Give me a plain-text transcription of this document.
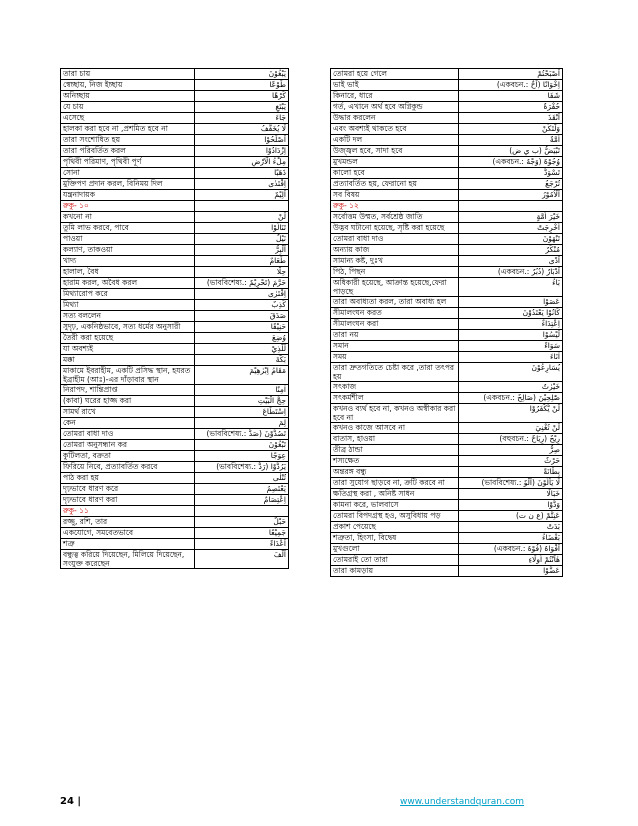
তারা চায়	يَبْغُوْنَ
স্বেচ্ছায়, নিজ ইচ্ছায়	طَوْعًا
অনিচ্ছায়	كَرْهًا
যে চায়	يَبْتَغِ
এসেছে	جَاءَ
হালকা করা হবে না ,প্রশমিত হবে না	لَا يُخَفَّفُ
তারা সংশোধিত হয়	اَصْلَحُوْا
তারা পরিবর্তিত করল	اِزْدَادُوْا
পৃথিবী পরিমাণ, পৃথিবী পূর্ণ	مِلْءُ الْاَرْضِ
সোনা	ذَهَبًا
মুক্তিপণ প্রদান করল, বিনিময় দিল	اِفْتَدٰى
যন্ত্রনাদায়ক	اَلِيْمٌ
রুকু- ১০	
কখনো না	لَنْ
তুমি লাভ করবে, পাবে	تَنَالُوْا
পাওয়া	نَيْلٌ
কল্যাণ, তাকওয়া	اَلْبِرُّ
খাদ্য	طَعَامٌ
হালাল, বৈধ	حِلًّا
হারাম করল, অবৈধ করল	حَرَّمَ (تَحْرِيْمٌ :.ভাববিশেষ্য)
মিথ্যারোপ করে	اِفْتَرٰى
মিথ্যা	كَذِبٌ
সত্য বললেন	صَدَقَ
সুদৃঢ়, একনিষ্ঠভাবে, সত্য ধর্মের অনুসারী	حَنِيْفًا
তৈরী করা হয়েছে	وُضِعَ
যা অবশ্যই	لَلَّذِيْ
মক্কা	بَكَّةَ
মাকামে ইবরাহীম, একটি প্রসিদ্ধ স্থান, হযরত ইব্রাহীম (আঃ)-এর দাঁড়াবার স্থান	مَقَامُ اِبْرٰهِيْمَ
নিরাপদ, শান্তিপ্রাপ্ত	اٰمِنًا
(কাবা) ঘরের হাজ্জ করা	حِجُّ الْبَيْتِ
সামর্থ রাখে	اِسْتَطَاعَ
কেন	لِمَ
তোমরা বাধা দাও	تَصُدُّوْنَ (صَدٌّ :.ভাববিশেষ্য)
তোমরা অনুসন্ধান কর	تَبْغُوْنَ
কুটিলতা, বক্রতা	عِوَجًا
ফিরিয়ে নিবে, প্রত্যাবর্তিত করবে	يَرُدُّوْا (رَدٌّ :.ভাববিশেষ্য)
পাঠ করা হয়	تُتْلٰى
দৃঢ়ভাবে ধারণ করে	يَعْتَصِمُ
দৃঢ়ভাবে ধারণ করা	اِعْتِصَامٌ
রুকু- ১১	
রজ্জু, রশি, তার	حَبْلٌ
একযোগে, সমবেতভাবে	جَمِيْعًا
শত্রু	اَعْدَاءً
বন্ধুত্ব করিয়ে দিয়েছেন, মিলিয়ে দিয়েছেন, সংযুক্ত করেছেন	اَلَّفَ
তোমরা হয়ে গেলে	اَصْبَحْتُمْ
ভাই ভাই	اِخْوَانًا (اَخٌ :.একবচন)
কিনারে, ধারে	شَفَا
গর্ত, এখানে অর্থ হবে অগ্নিকুন্ড	حُفْرَةٌ
উদ্ধার করলেন	اَنْقَذَ
এবং অবশ্যই থাকতে হবে	وَلْتَكُنْ
একটি দল	اُمَّةٌ
উজ্জ্বল হবে, সাদা হবে	تَبْيَضُّ (ب ي ض)
মুখমন্ডল	وُجُوْهٌ (وَجْهٌ :.একবচন)
কালো হবে	تَسْوَدُّ
প্রত্যাবর্তিত হয়, ফেরানো হয়	تُرْجَعُ
সব বিষয়	اَلْاُمُوْرُ
রুকু- ১২	
সর্বোত্তম উম্মত, সর্বশ্রেষ্ঠ জাতি	خَيْرَ اُمَّةٍ
উদ্ভব ঘটানো হয়েছে, সৃষ্টি করা হয়েছে	اُخْرِجَتْ
তোমরা বাধা দাও	تَنْهَوْنَ
অন্যায় কাজ	مُنْكَرٌ
সামান্য কষ্ট, দুঃখ	اَذًى
পিঠ, পিছন	اَدْبَارٌ (دُبُرٌ :.একবচন)
অধিকারী হয়েছে, আক্রান্ত হয়েছে,ফেরা পাড়ছে	بَاءُ
তারা অবাধ্যতা করল, তারা অবাধ্য হল	عَصَوْا
সীমালংঘন করত	كَانُوْا يَعْتَدُوْنَ
সীমালংঘন করা	اِعْتِدَاءٌ
তারা নয়	لَيْسُوْا
সমান	سَوَاءً
সময়	اٰنَاءَ
তারা দ্রুতগতিতে চেষ্টা করে ,তারা তৎপর হয়	يُسَارِعُوْنَ
সৎকাজ	خَيْرٰتٌ
সৎকর্মশীল	صّٰلِحِيْنَ (صَالِحٌ :.একবচন)
কখনও ব্যর্থ হবে না, কখনও অস্বীকার করা হবে না	لَنْ يُّكْفَرُوْا
কখনও কাজে আসবে না	لَنْ تُغْنِيَ
বাতাস, হাওয়া	رِيْحٌ (رِيَاحٌ :.বহুবচন)
তীব্র ঠান্ডা	صِرٌّ
শস্যক্ষেত	حَرْثٌ
অন্তরঙ্গ বন্ধু	بِطَانَةً
তারা সুযোগ ছাড়বে না, ক্রটি করবে না	لَا يَأْلُوْنَ (اَلْوٌ :.ভাববিশেষ্য)
ক্ষতিগ্রস্থ করা , অনিষ্ট সাধন	خَبَالًا
কামনা করে, ভালবাসে	وَدُّوْا
তোমরা বিপদগ্রস্থ হও, অসুবিধায় পড়	عَنِتُّمْ (ع ن ت)
প্রকাশ পেয়েছে	بَدَتْ
শত্রুতা, হিংসা, বিদ্বেষ	بَغْضَاءُ
মুখগুলো	اَفْوَاهٌ (فُوْهٌ :.একবচন)
তোমরাই তো তারা	هٰاَنْتُمْ اُولَاءِ
তারা কামড়ায়	عَضُّوْا
24 |	www.understandquran.com
